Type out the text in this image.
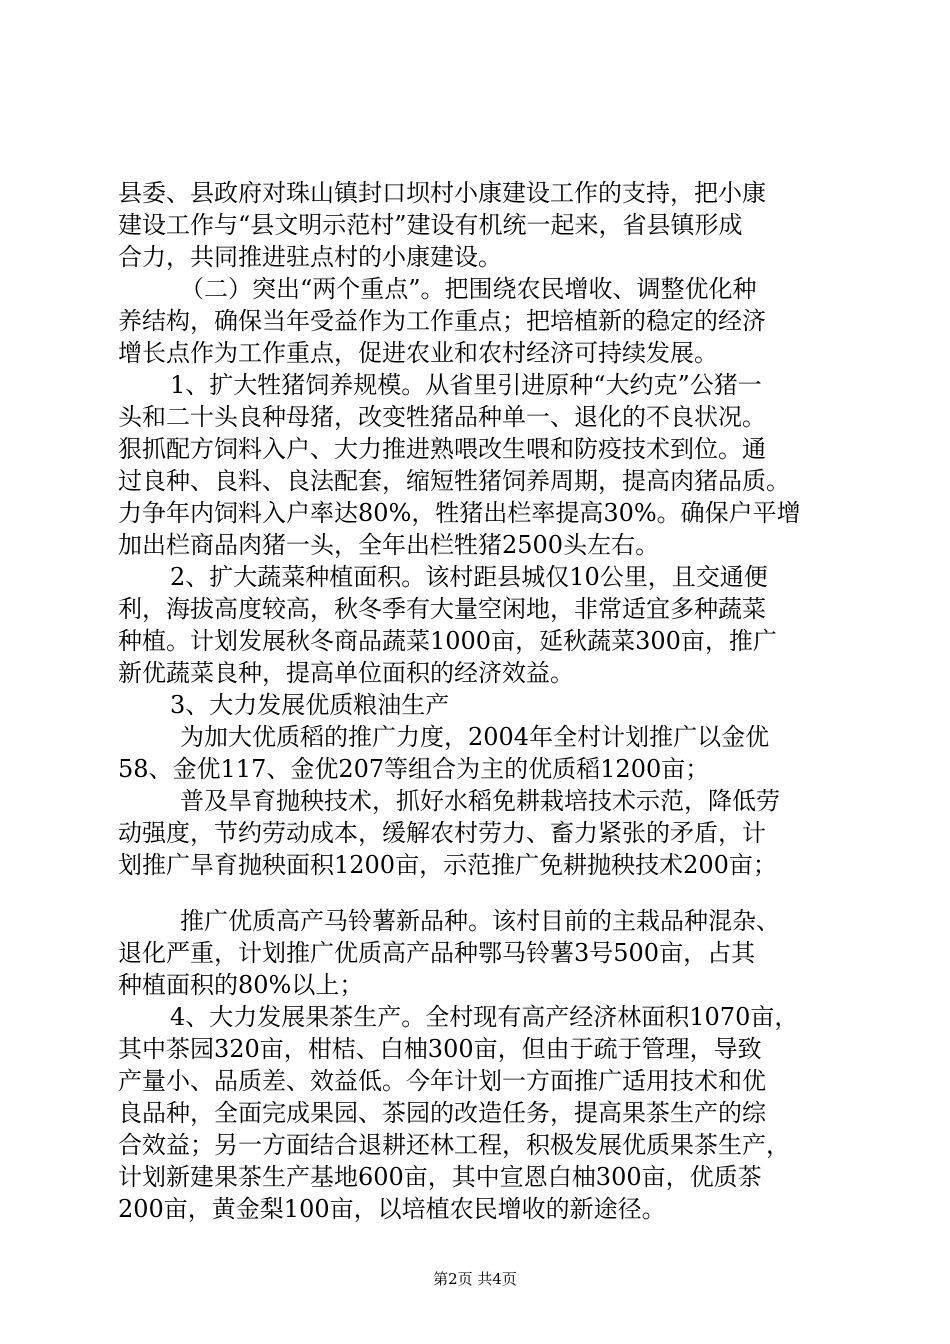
县委、县政府对珠山镇封口坝村小康建设工作的支持，把小康

建设工作与“县文明示范村”建设有机统一起来，省县镇形成

合力，共同推进驻点村的小康建设。

（二）突出“两个重点”。把围绕农民增收、调整优化种

养结构，确保当年受益作为工作重点；把培植新的稳定的经济

增长点作为工作重点，促进农业和农村经济可持续发展。

1、扩大牲猪饲养规模。从省里引进原种“大约克”公猪一

头和二十头良种母猪，改变牲猪品种单一、退化的不良状况。

狠抓配方饲料入户、大力推进熟喂改生喂和防疫技术到位。通

过良种、良料、良法配套，缩短牲猪饲养周期，提高肉猪品质。

力争年内饲料入户率达80%，牲猪出栏率提高30%。确保户平增

加出栏商品肉猪一头，全年出栏牲猪2500头左右。

2、扩大蔬菜种植面积。该村距县城仅10公里，且交通便

利，海拔高度较高，秋冬季有大量空闲地，非常适宜多种蔬菜

种植。计划发展秋冬商品蔬菜1000亩，延秋蔬菜300亩，推广

新优蔬菜良种，提高单位面积的经济效益。

3、大力发展优质粮油生产

为加大优质稻的推广力度，2004年全村计划推广以金优

58、金优117、金优207等组合为主的优质稻1200亩；

普及旱育抛秧技术，抓好水稻免耕栽培技术示范，降低劳

动强度，节约劳动成本，缓解农村劳力、畜力紧张的矛盾，计

划推广旱育抛秧面积1200亩，示范推广免耕抛秧技术200亩；

推广优质高产马铃薯新品种。该村目前的主栽品种混杂、

退化严重，计划推广优质高产品种鄂马铃薯3号500亩，占其

种植面积的80%以上；

4、大力发展果茶生产。全村现有高产经济林面积1070亩，

其中茶园320亩，柑桔、白柚300亩，但由于疏于管理，导致

产量小、品质差、效益低。今年计划一方面推广适用技术和优

良品种，全面完成果园、茶园的改造任务，提高果茶生产的综

合效益；另一方面结合退耕还林工程，积极发展优质果茶生产，

计划新建果茶生产基地600亩，其中宣恩白柚300亩，优质茶

200亩，黄金梨100亩，以培植农民增收的新途径。

第2页 共4页
